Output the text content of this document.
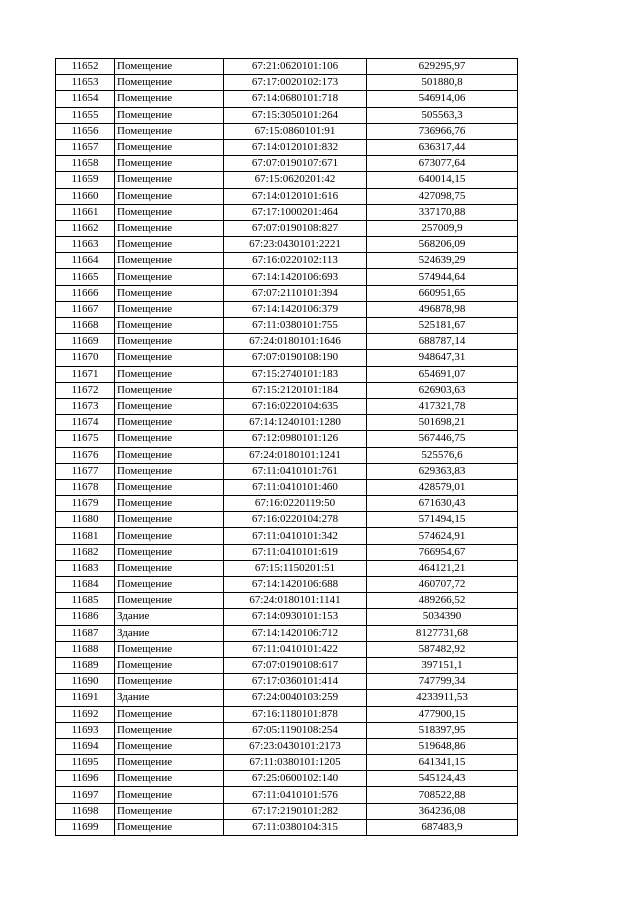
11652	Помещение	67:21:0620101:106	629295,97
11653	Помещение	67:17:0020102:173	501880,8
11654	Помещение	67:14:0680101:718	546914,06
11655	Помещение	67:15:3050101:264	505563,3
11656	Помещение	67:15:0860101:91	736966,76
11657	Помещение	67:14:0120101:832	636317,44
11658	Помещение	67:07:0190107:671	673077,64
11659	Помещение	67:15:0620201:42	640014,15
11660	Помещение	67:14:0120101:616	427098,75
11661	Помещение	67:17:1000201:464	337170,88
11662	Помещение	67:07:0190108:827	257009,9
11663	Помещение	67:23:0430101:2221	568206,09
11664	Помещение	67:16:0220102:113	524639,29
11665	Помещение	67:14:1420106:693	574944,64
11666	Помещение	67:07:2110101:394	660951,65
11667	Помещение	67:14:1420106:379	496878,98
11668	Помещение	67:11:0380101:755	525181,67
11669	Помещение	67:24:0180101:1646	688787,14
11670	Помещение	67:07:0190108:190	948647,31
11671	Помещение	67:15:2740101:183	654691,07
11672	Помещение	67:15:2120101:184	626903,63
11673	Помещение	67:16:0220104:635	417321,78
11674	Помещение	67:14:1240101:1280	501698,21
11675	Помещение	67:12:0980101:126	567446,75
11676	Помещение	67:24:0180101:1241	525576,6
11677	Помещение	67:11:0410101:761	629363,83
11678	Помещение	67:11:0410101:460	428579,01
11679	Помещение	67:16:0220119:50	671630,43
11680	Помещение	67:16:0220104:278	571494,15
11681	Помещение	67:11:0410101:342	574624,91
11682	Помещение	67:11:0410101:619	766954,67
11683	Помещение	67:15:1150201:51	464121,21
11684	Помещение	67:14:1420106:688	460707,72
11685	Помещение	67:24:0180101:1141	489266,52
11686	Здание	67:14:0930101:153	5034390
11687	Здание	67:14:1420106:712	8127731,68
11688	Помещение	67:11:0410101:422	587482,92
11689	Помещение	67:07:0190108:617	397151,1
11690	Помещение	67:17:0360101:414	747799,34
11691	Здание	67:24:0040103:259	4233911,53
11692	Помещение	67:16:1180101:878	477900,15
11693	Помещение	67:05:1190108:254	518397,95
11694	Помещение	67:23:0430101:2173	519648,86
11695	Помещение	67:11:0380101:1205	641341,15
11696	Помещение	67:25:0600102:140	545124,43
11697	Помещение	67:11:0410101:576	708522,88
11698	Помещение	67:17:2190101:282	364236,08
11699	Помещение	67:11:0380104:315	687483,9
